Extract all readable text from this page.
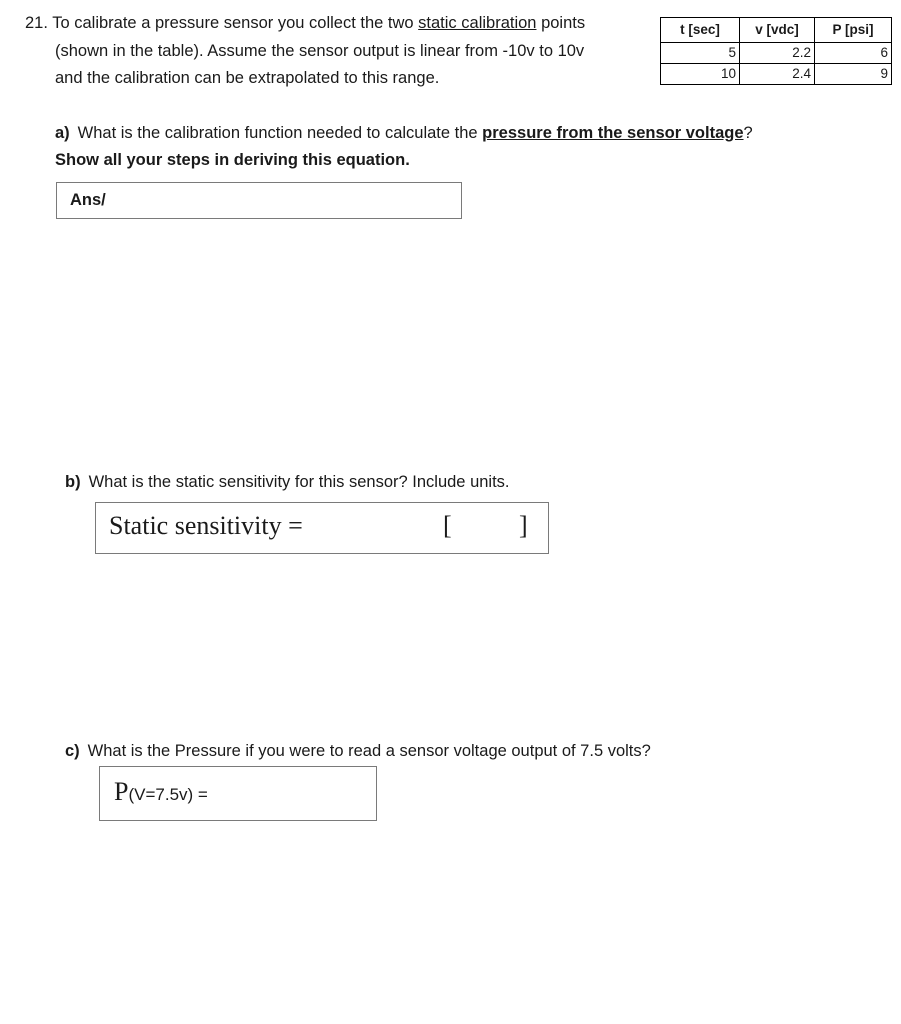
21. To calibrate a pressure sensor you collect the two static calibration points
(shown in the table). Assume the sensor output is linear from -10v to 10v
and the calibration can be extrapolated to this range.
t [sec]	v [vdc]	P [psi]
5	2.2	6
10	2.4	9
a) What is the calibration function needed to calculate the pressure from the sensor voltage?
Show all your steps in deriving this equation.
Ans/
b) What is the static sensitivity for this sensor? Include units.
Static sensitivity =	[	]
c) What is the Pressure if you were to read a sensor voltage output of 7.5 volts?
P(V=7.5v) =
